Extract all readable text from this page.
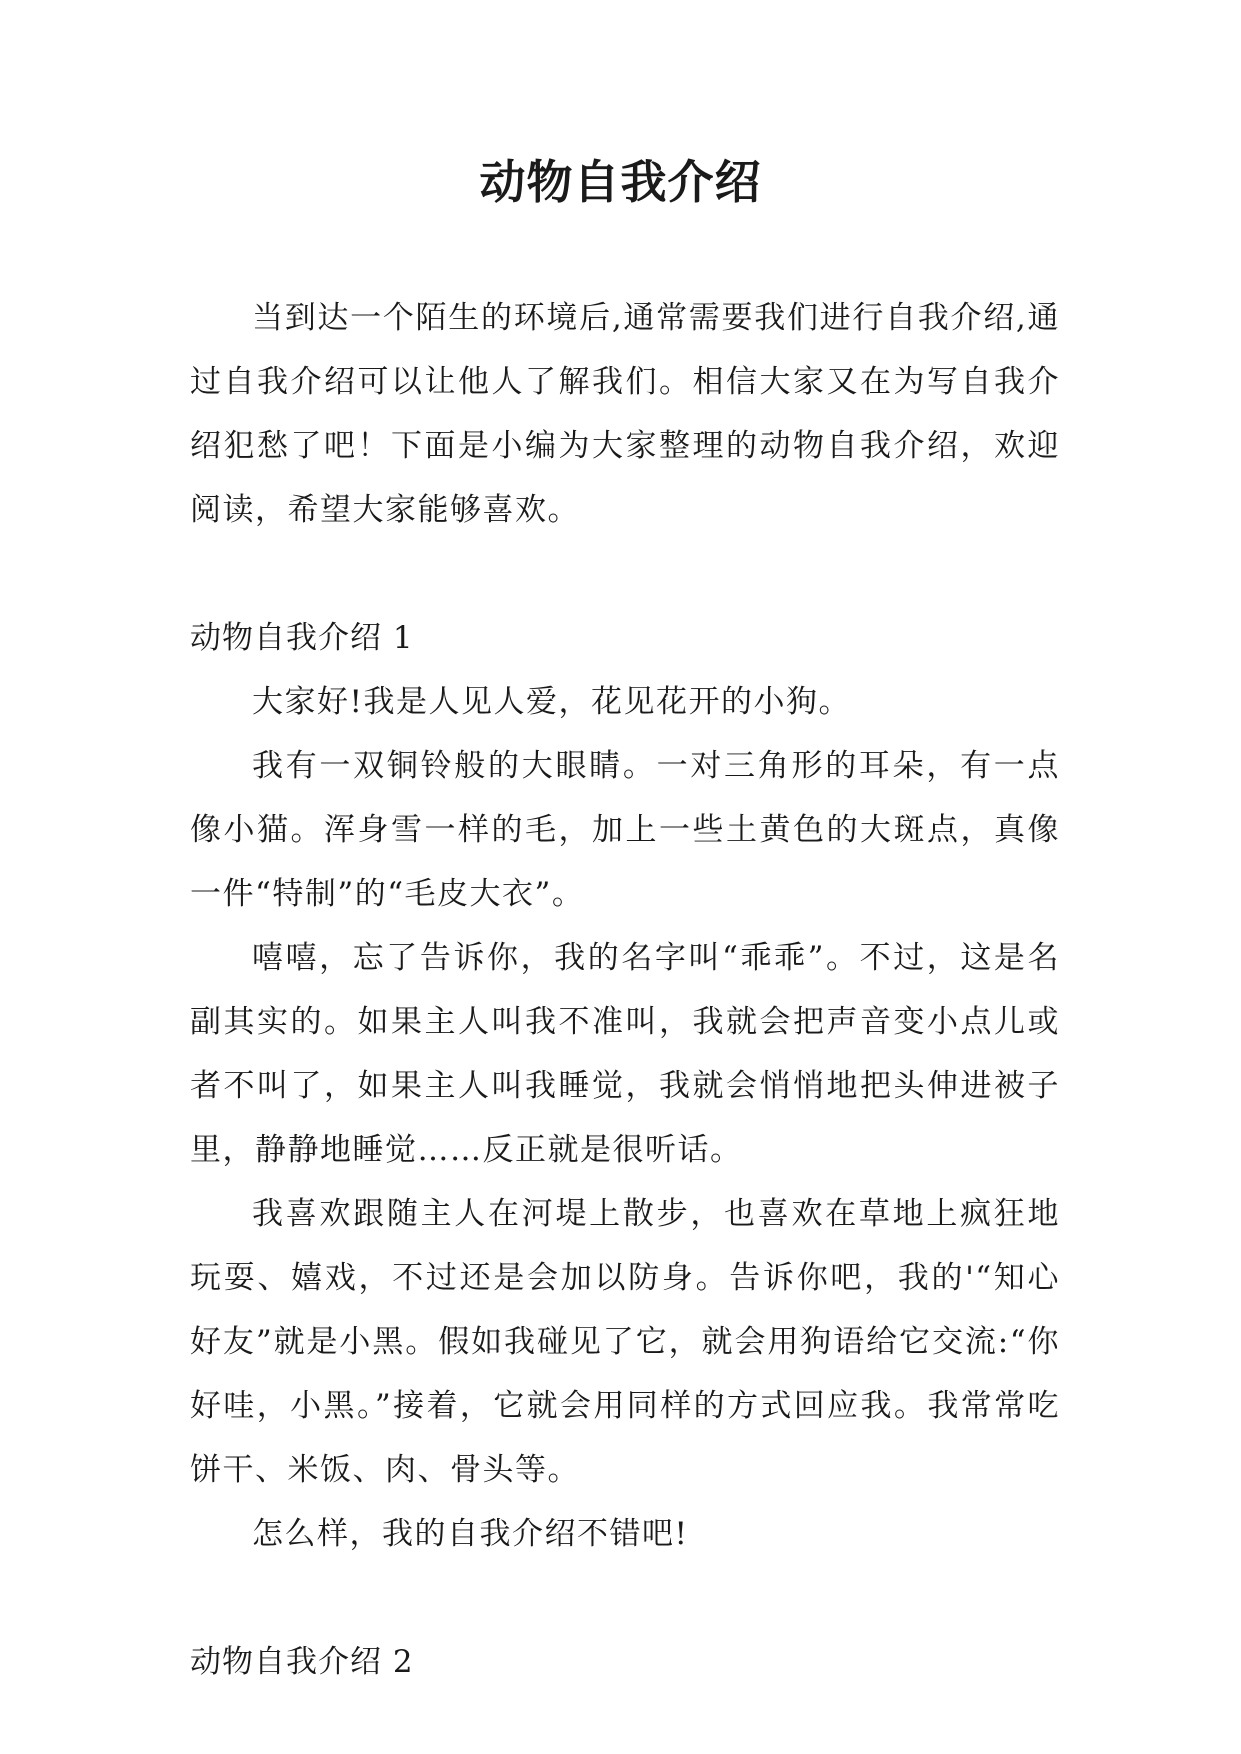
动物自我介绍

当到达一个陌生的环境后,通常需要我们进行自我介绍,通过自我介绍可以让他人了解我们。相信大家又在为写自我介绍犯愁了吧！下面是小编为大家整理的动物自我介绍，欢迎阅读，希望大家能够喜欢。

动物自我介绍 1

大家好!我是人见人爱，花见花开的小狗。

我有一双铜铃般的大眼睛。一对三角形的耳朵，有一点像小猫。浑身雪一样的毛，加上一些土黄色的大斑点，真像一件“特制”的“毛皮大衣”。

嘻嘻，忘了告诉你，我的名字叫“乖乖”。不过，这是名副其实的。如果主人叫我不准叫，我就会把声音变小点儿或者不叫了，如果主人叫我睡觉，我就会悄悄地把头伸进被子里，静静地睡觉……反正就是很听话。

我喜欢跟随主人在河堤上散步，也喜欢在草地上疯狂地玩耍、嬉戏，不过还是会加以防身。告诉你吧，我的'“知心好友”就是小黑。假如我碰见了它，就会用狗语给它交流:“你好哇，小黑。”接着，它就会用同样的方式回应我。我常常吃饼干、米饭、肉、骨头等。

怎么样，我的自我介绍不错吧!

动物自我介绍 2
